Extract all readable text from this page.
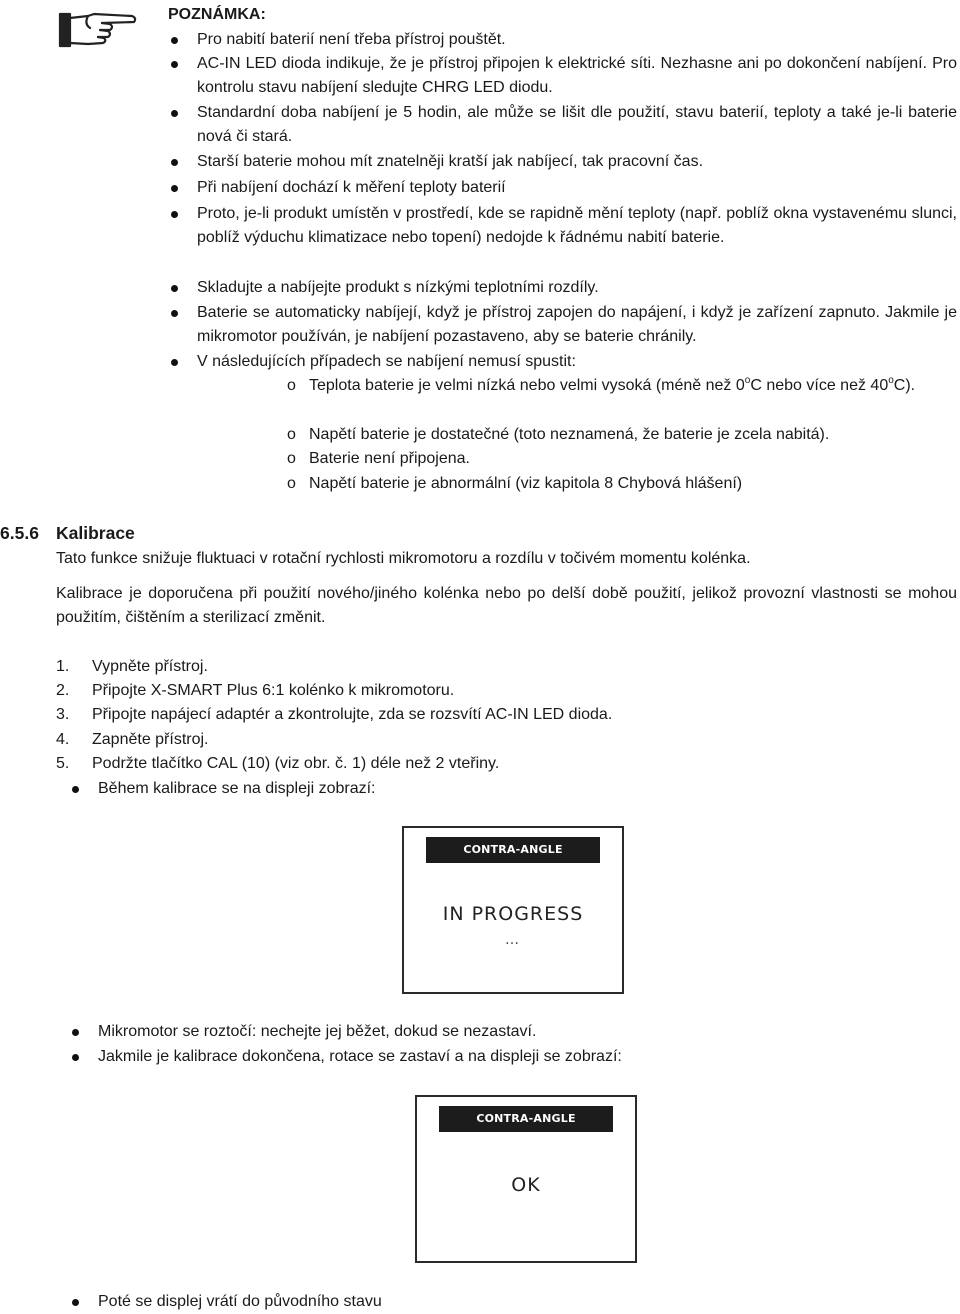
POZNÁMKA:
Pro nabití baterií není třeba přístroj pouštět.
AC-IN LED dioda indikuje, že je přístroj připojen k elektrické síti. Nezhasne ani po dokončení nabíjení. Pro kontrolu stavu nabíjení sledujte CHRG LED diodu.
Standardní doba nabíjení je 5 hodin, ale může se lišit dle použití, stavu baterií, teploty a také je-li baterie nová či stará.
Starší baterie mohou mít znatelněji kratší jak nabíjecí, tak pracovní čas.
Při nabíjení dochází k měření teploty baterií
Proto, je-li produkt umístěn v prostředí, kde se rapidně mění teploty (např. poblíž okna vystavenému slunci, poblíž výduchu klimatizace nebo topení) nedojde k řádnému nabití baterie.
Skladujte a nabíjejte produkt s nízkými teplotními rozdíly.
Baterie se automaticky nabíjejí, když je přístroj zapojen do napájení, i když je zařízení zapnuto. Jakmile je mikromotor používán, je nabíjení pozastaveno, aby se baterie chránily.
V následujících případech se nabíjení nemusí spustit:
o Teplota baterie je velmi nízká nebo velmi vysoká (méně než 0$^o$C nebo více než 40$^o$C).
o Napětí baterie je dostatečné (toto neznamená, že baterie je zcela nabitá).
o Baterie není připojena.
o Napětí baterie je abnormální (viz kapitola 8 Chybová hlášení)
6.5.6 Kalibrace
Tato funkce snižuje fluktuaci v rotační rychlosti mikromotoru a rozdílu v točivém momentu kolénka.
Kalibrace je doporučena při použití nového/jiného kolénka nebo po delší době použití, jelikož provozní vlastnosti se mohou použitím, čištěním a sterilizací změnit.
1. Vypněte přístroj.
2. Připojte X-SMART Plus 6:1 kolénko k mikromotoru.
3. Připojte napájecí adaptér a zkontrolujte, zda se rozsvítí AC-IN LED dioda.
4. Zapněte přístroj.
5. Podržte tlačítko CAL (10) (viz obr. č. 1) déle než 2 vteřiny.
Během kalibrace se na displeji zobrazí:
CONTRA-ANGLE CALIBRATION
IN PROGRESS
…
Mikromotor se roztočí: nechejte jej běžet, dokud se nezastaví.
Jakmile je kalibrace dokončena, rotace se zastaví a na displeji se zobrazí:
CONTRA-ANGLE CALIBRATION
OK
Poté se displej vrátí do původního stavu
